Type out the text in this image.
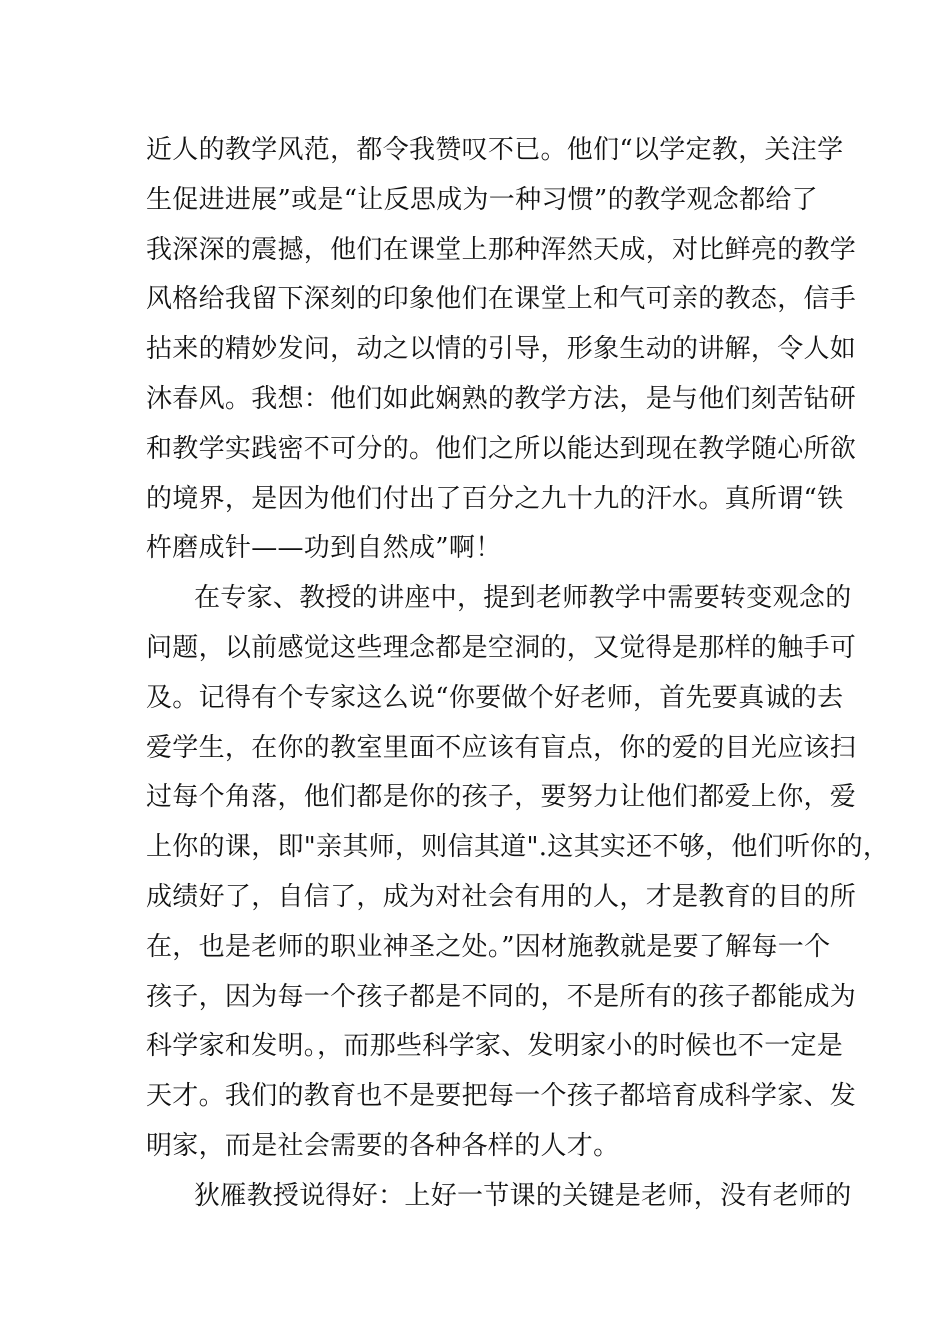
近人的教学风范，都令我赞叹不已。他们“以学定教，关注学
生促进进展”或是“让反思成为一种习惯”的教学观念都给了
我深深的震撼，他们在课堂上那种浑然天成，对比鲜亮的教学
风格给我留下深刻的印象他们在课堂上和气可亲的教态，信手
拈来的精妙发问，动之以情的引导，形象生动的讲解，令人如
沐春风。我想：他们如此娴熟的教学方法，是与他们刻苦钻研
和教学实践密不可分的。他们之所以能达到现在教学随心所欲
的境界，是因为他们付出了百分之九十九的汗水。真所谓“铁
杵磨成针——功到自然成”啊！
在专家、教授的讲座中，提到老师教学中需要转变观念的
问题，以前感觉这些理念都是空洞的，又觉得是那样的触手可
及。记得有个专家这么说“你要做个好老师，首先要真诚的去
爱学生，在你的教室里面不应该有盲点，你的爱的目光应该扫
过每个角落，他们都是你的孩子，要努力让他们都爱上你，爱
上你的课，即"亲其师，则信其道".这其实还不够，他们听你的，
成绩好了，自信了，成为对社会有用的人，才是教育的目的所
在，也是老师的职业神圣之处。”因材施教就是要了解每一个
孩子，因为每一个孩子都是不同的，不是所有的孩子都能成为
科学家和发明。，而那些科学家、发明家小的时候也不一定是
天才。我们的教育也不是要把每一个孩子都培育成科学家、发
明家，而是社会需要的各种各样的人才。
狄雁教授说得好：上好一节课的关键是老师，没有老师的
